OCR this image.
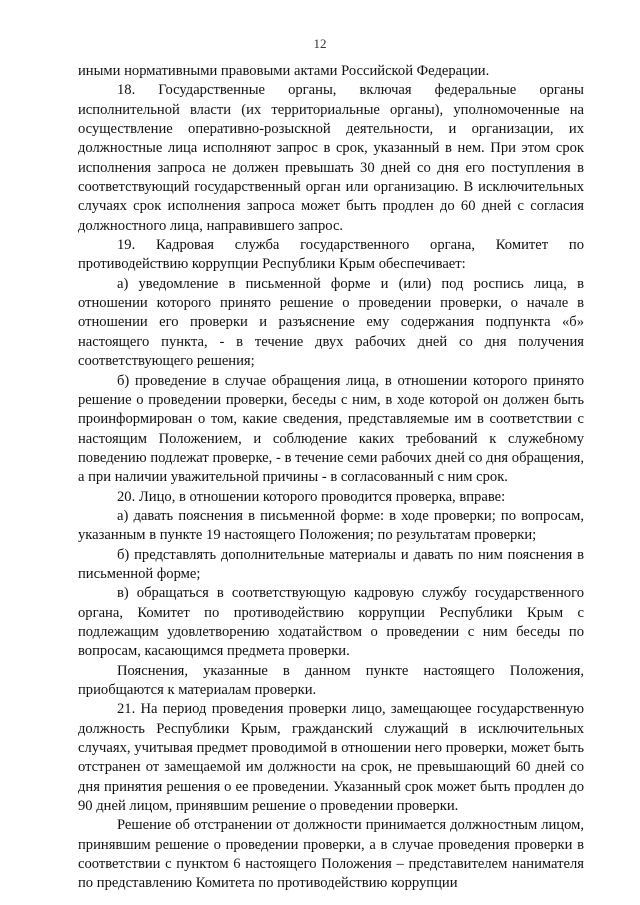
12

иными нормативными правовыми актами Российской Федерации.

18. Государственные органы, включая федеральные органы исполнительной власти (их территориальные органы), уполномоченные на осуществление оперативно-розыскной деятельности, и организации, их должностные лица исполняют запрос в срок, указанный в нем. При этом срок исполнения запроса не должен превышать 30 дней со дня его поступления в соответствующий государственный орган или организацию. В исключительных случаях срок исполнения запроса может быть продлен до 60 дней с согласия должностного лица, направившего запрос.

19. Кадровая служба государственного органа, Комитет по противодействию коррупции Республики Крым обеспечивает:

а) уведомление в письменной форме и (или) под роспись лица, в отношении которого принято решение о проведении проверки, о начале в отношении его проверки и разъяснение ему содержания подпункта «б» настоящего пункта, - в течение двух рабочих дней со дня получения соответствующего решения;

б) проведение в случае обращения лица, в отношении которого принято решение о проведении проверки, беседы с ним, в ходе которой он должен быть проинформирован о том, какие сведения, представляемые им в соответствии с настоящим Положением, и соблюдение каких требований к служебному поведению подлежат проверке, - в течение семи рабочих дней со дня обращения, а при наличии уважительной причины - в согласованный с ним срок.

20. Лицо, в отношении которого проводится проверка, вправе:

а) давать пояснения в письменной форме: в ходе проверки; по вопросам, указанным в пункте 19 настоящего Положения; по результатам проверки;

б) представлять дополнительные материалы и давать по ним пояснения в письменной форме;

в) обращаться в соответствующую кадровую службу государственного органа, Комитет по противодействию коррупции Республики Крым с подлежащим удовлетворению ходатайством о проведении с ним беседы по вопросам, касающимся предмета проверки.

Пояснения, указанные в данном пункте настоящего Положения, приобщаются к материалам проверки.

21. На период проведения проверки лицо, замещающее государственную должность Республики Крым, гражданский служащий в исключительных случаях, учитывая предмет проводимой в отношении него проверки, может быть отстранен от замещаемой им должности на срок, не превышающий 60 дней со дня принятия решения о ее проведении. Указанный срок может быть продлен до 90 дней лицом, принявшим решение о проведении проверки.

Решение об отстранении от должности принимается должностным лицом, принявшим решение о проведении проверки, а в случае проведения проверки в соответствии с пунктом 6 настоящего Положения – представителем нанимателя по представлению Комитета по противодействию коррупции
